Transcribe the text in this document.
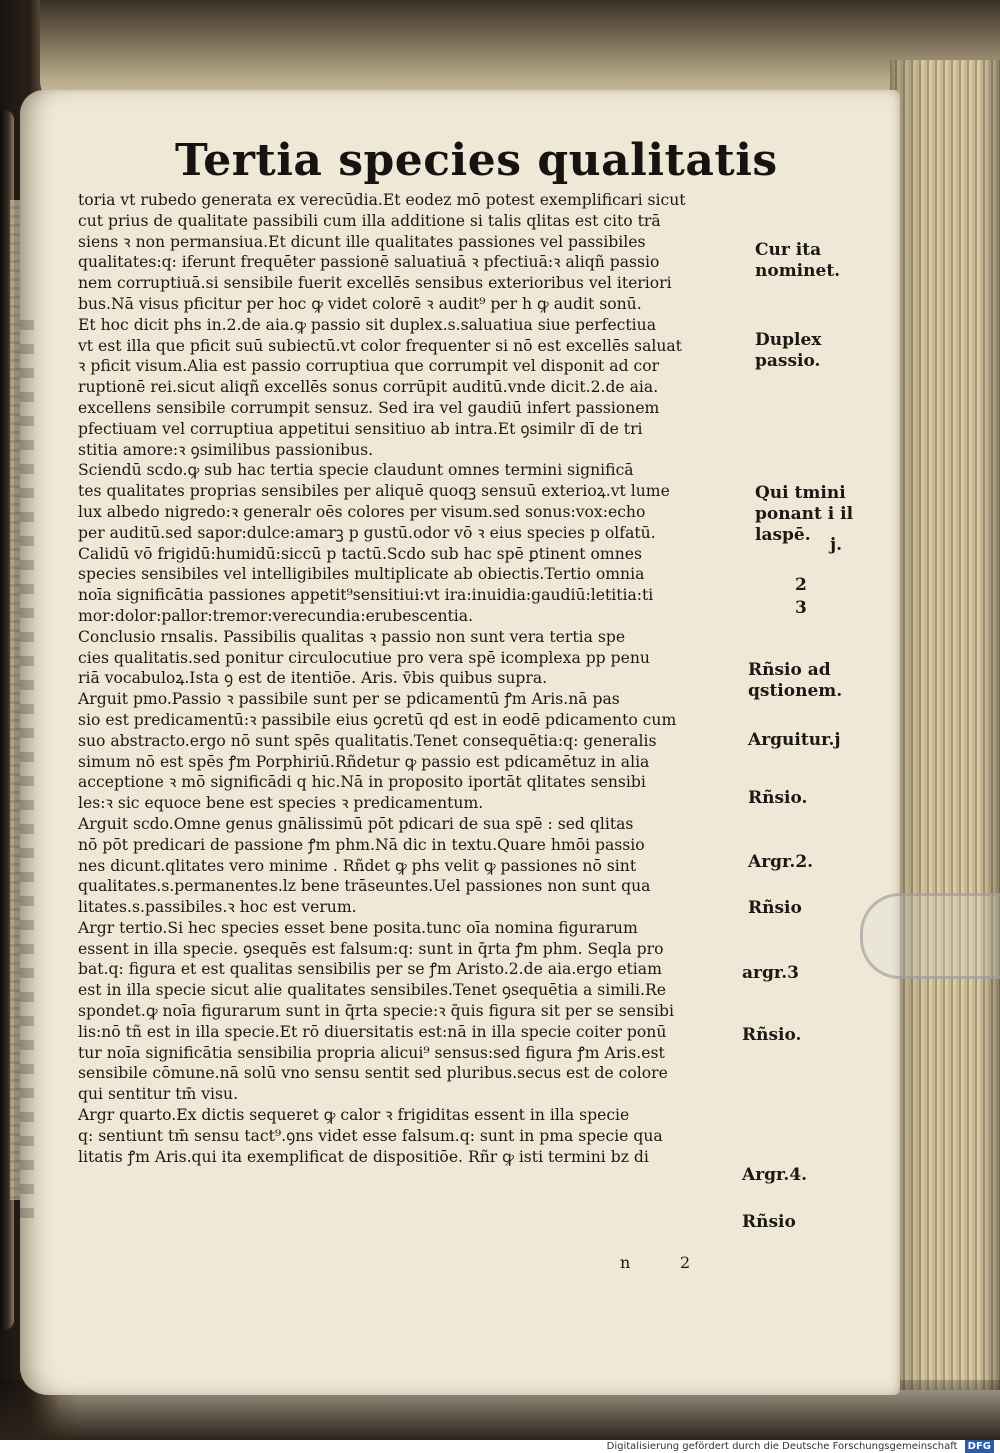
Tertia species qualitatis
toria vt rubedo generata ex verecūdia.Et eodez mō potest exemplificari sicut
cut prius de qualitate passibili cum illa additione si talis qlitas est cito trā
siens ꝛ non permansiua.Et dicunt ille qualitates passiones vel passibiles
qualitates:q: iferunt frequēter passionē saluatiuā ꝛ pfectiuā:ꝛ aliqñ passio
nem corruptiuā.si sensibile fuerit excellēs sensibus exterioribus vel iteriori
bus.Nā visus pficitur per hoc ꝙ videt colorē ꝛ audit⁹ per h ꝙ audit sonū.
Et hoc dicit phs in.2.de aia.ꝙ passio sit duplex.s.saluatiua siue perfectiua
vt est illa que pficit suū subiectū.vt color frequenter si nō est excellēs saluat
ꝛ pficit visum.Alia est passio corruptiua que corrumpit vel disponit ad cor
ruptionē rei.sicut aliqñ excellēs sonus corrūpit auditū.vnde dicit.2.de aia.
excellens sensibile corrumpit sensuz. Sed ira vel gaudiū infert passionem
pfectiuam vel corruptiua appetitui sensitiuo ab intra.Et ꝯsimilr dī de tri
stitia amore:ꝛ ꝯsimilibus passionibus.
Sciendū scdo.ꝙ sub hac tertia specie claudunt omnes termini significā
tes qualitates proprias sensibiles per aliquē quoqꝫ sensuū exterioꝝ.vt lume
lux albedo nigredo:ꝛ generalr oēs colores per visum.sed sonus:vox:echo
per auditū.sed sapor:dulce:amarꝫ p gustū.odor vō ꝛ eius species p olfatū.
Calidū vō frigidū:humidū:siccū p tactū.Scdo sub hac spē ꝑtinent omnes
species sensibiles vel intelligibiles multiplicate ab obiectis.Tertio omnia
noīa significātia passiones appetit⁹sensitiui:vt ira:inuidia:gaudiū:letitia:ti
mor:dolor:pallor:tremor:verecundia:erubescentia.
Conclusio rnsalis. Passibilis qualitas ꝛ passio non sunt vera tertia spe
cies qualitatis.sed ponitur circulocutiue pro vera spē icomplexa pp penu
riā vocabuloꝝ.Ista ꝯ est de itentiōe. Aris. v̄bis quibus supra.
Arguit pmo.Passio ꝛ passibile sunt per se pdicamentū ꝭm Aris.nā pas
sio est predicamentū:ꝛ passibile eius ꝯcretū qd est in eodē pdicamento cum
suo abstracto.ergo nō sunt spēs qualitatis.Tenet consequētia:q: generalis
simum nō est spēs ꝭm Porphiriū.Rñdetur ꝙ passio est pdicamētuz in alia
acceptione ꝛ mō significādi q hic.Nā in proposito iportāt qlitates sensibi
les:ꝛ sic equoce bene est species ꝛ predicamentum.
Arguit scdo.Omne genus gnālissimū pōt pdicari de sua spē : sed qlitas
nō pōt predicari de passione ꝭm phm.Nā dic in textu.Quare hmōi passio
nes dicunt.qlitates vero minime . Rñdet ꝙ phs velit ꝙ passiones nō sint
qualitates.s.permanentes.lz bene trāseuntes.Uel passiones non sunt qua
litates.s.passibiles.ꝛ hoc est verum.
Argr tertio.Si hec species esset bene posita.tunc oīa nomina figurarum
essent in illa specie. ꝯsequēs est falsum:q: sunt in q̄rta ꝭm phm. Seqla pro
bat.q: figura et est qualitas sensibilis per se ꝭm Aristo.2.de aia.ergo etiam
est in illa specie sicut alie qualitates sensibiles.Tenet ꝯsequētia a simili.Re
spondet.ꝙ noīa figurarum sunt in q̄rta specie:ꝛ q̄uis figura sit per se sensibi
lis:nō tñ est in illa specie.Et rō diuersitatis est:nā in illa specie coiter ponū
tur noīa significātia sensibilia propria alicui⁹ sensus:sed figura ꝭm Aris.est
sensibile cōmune.nā solū vno sensu sentit sed pluribus.secus est de colore
qui sentitur tm̄ visu.
Argr quarto.Ex dictis sequeret ꝙ calor ꝛ frigiditas essent in illa specie
q: sentiunt tm̄ sensu tact⁹.ꝯns videt esse falsum.q: sunt in pma specie qua
litatis ꝭm Aris.qui ita exemplificat de dispositiōe. Rñr ꝙ isti termini bz di
Cur ita nominet.
Duplex passio.
Qui tmini ponant i il laspē.	j.
2
3
Rñsio ad qstionem.
Arguitur.j
Rñsio.
Argr.2.
Rñsio
argr.3
Rñsio.
Argr.4.
Rñsio
n	2
Digitalisierung gefördert durch die Deutsche Forschungsgemeinschaft DFG
